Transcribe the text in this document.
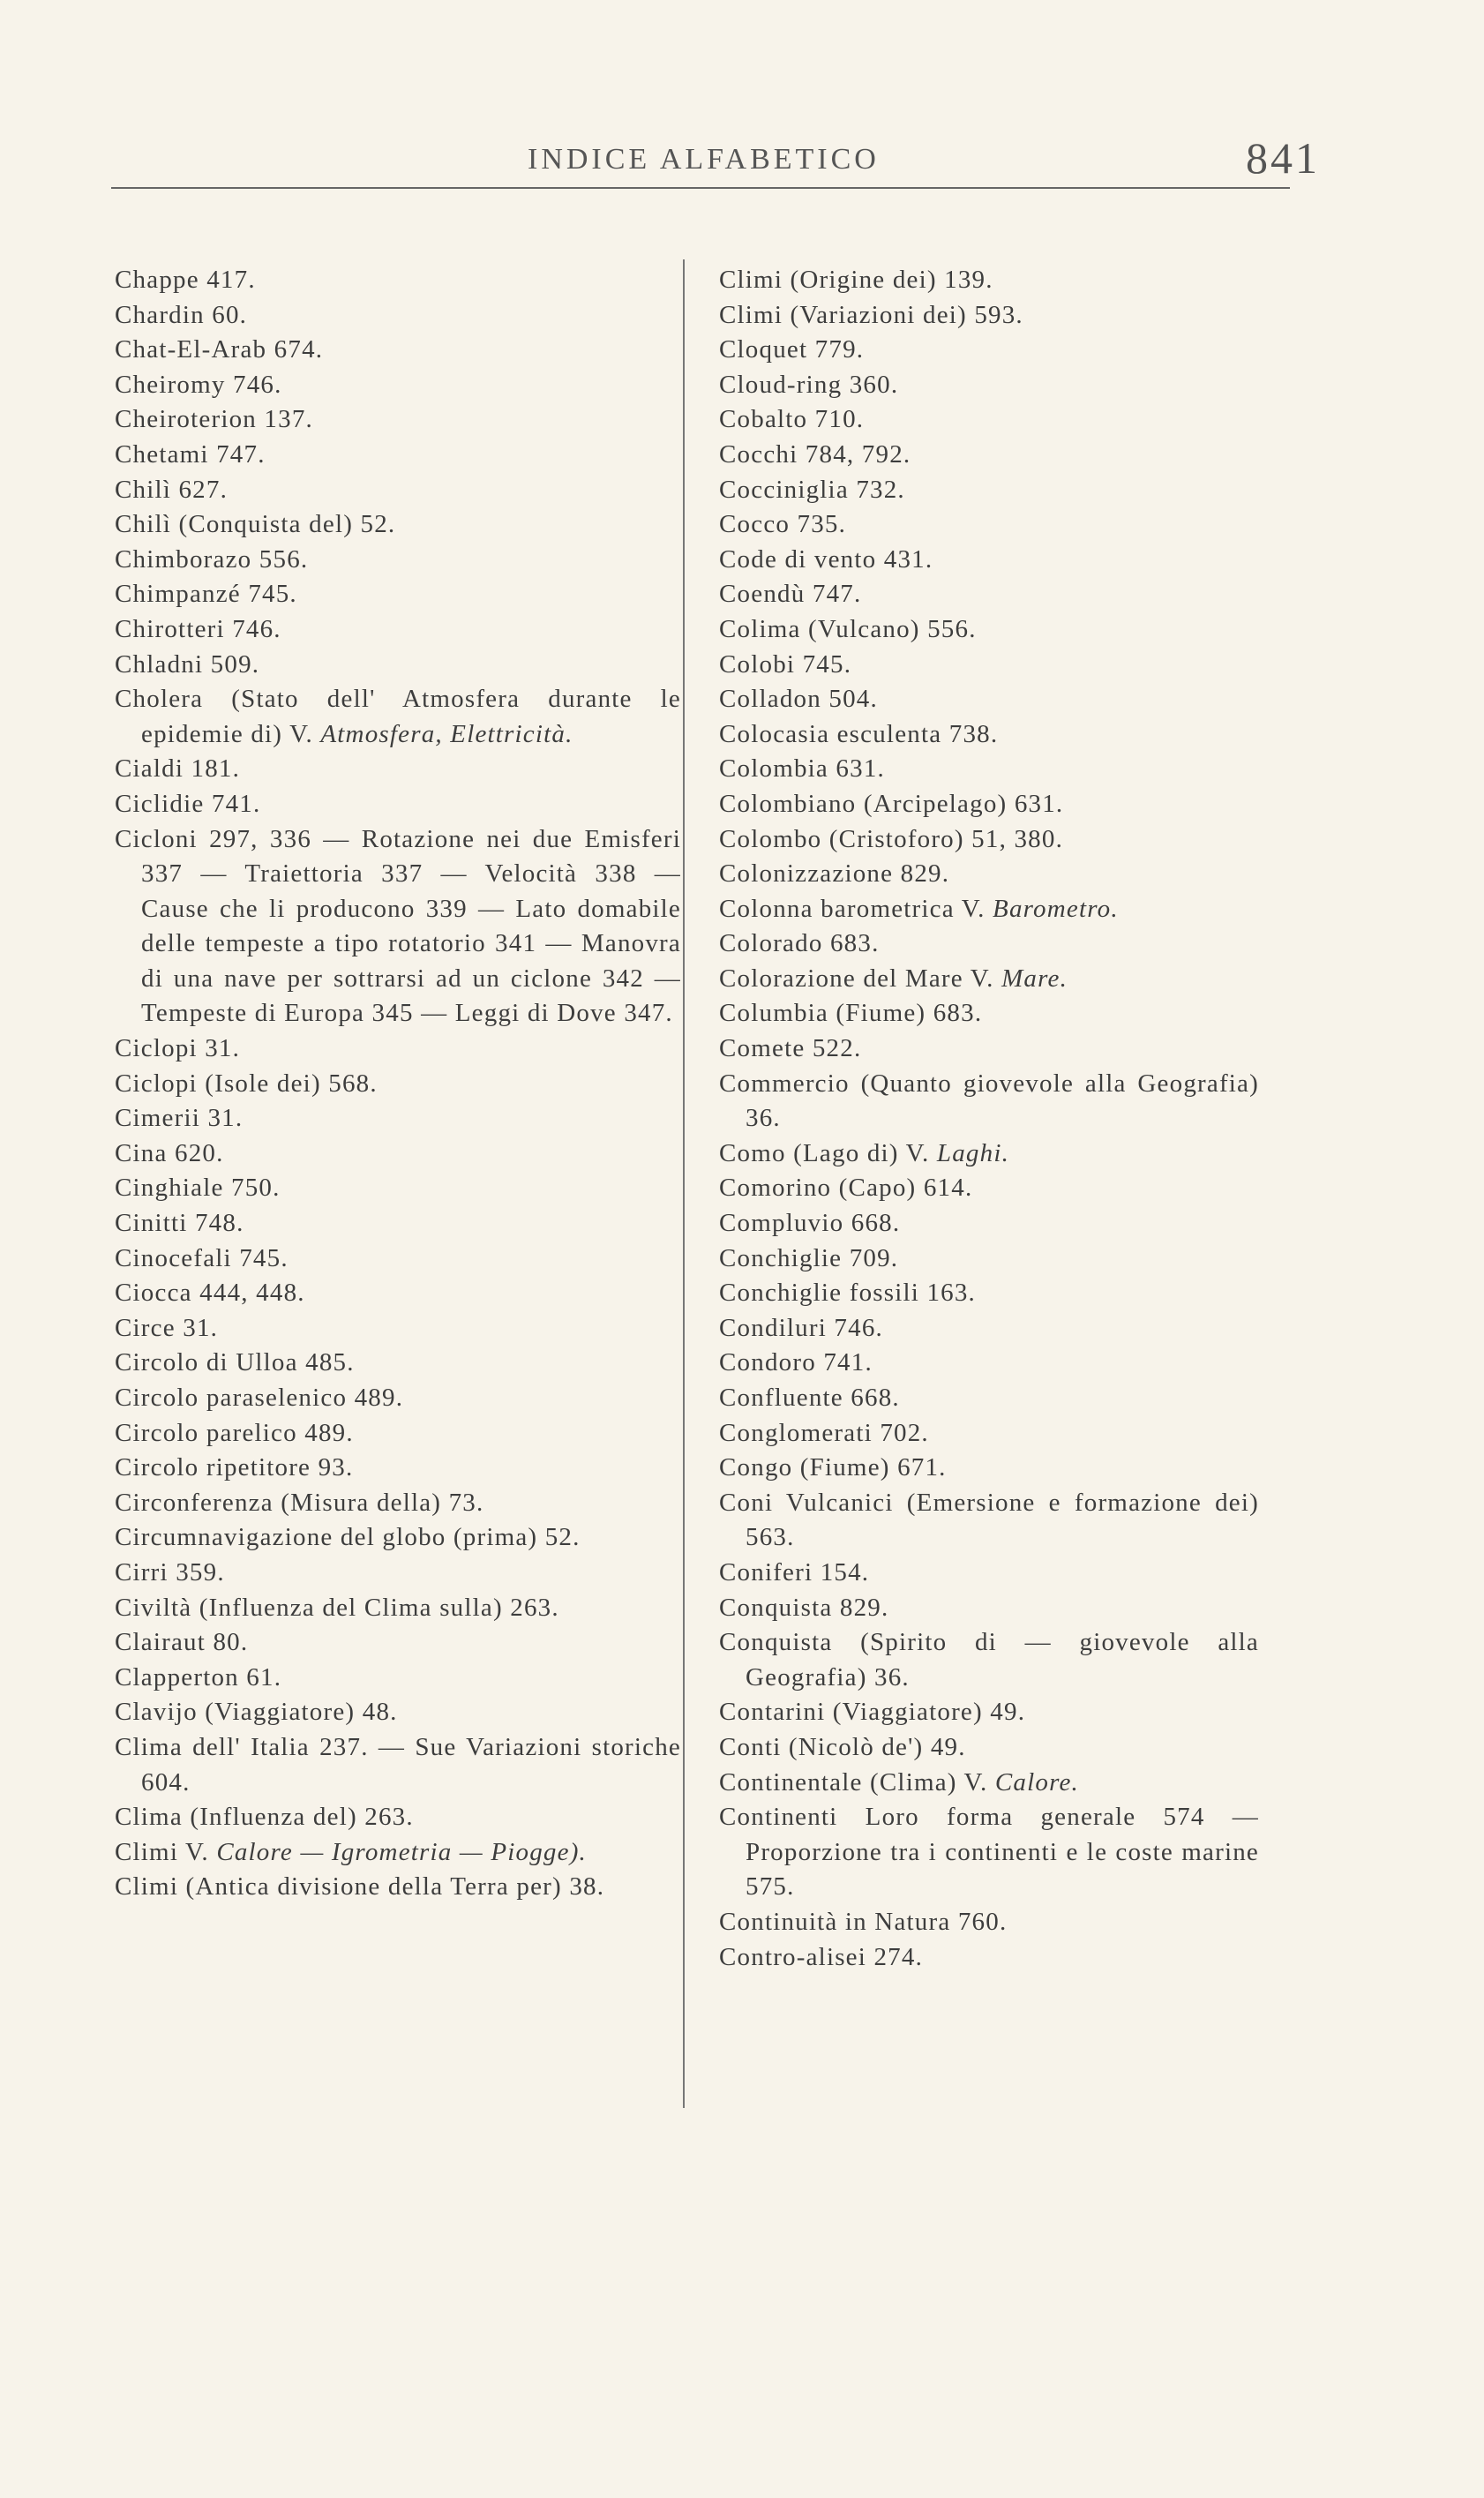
INDICE ALFABETICO	841
Chappe 417.
Chardin 60.
Chat-El-Arab 674.
Cheiromy 746.
Cheiroterion 137.
Chetami 747.
Chilì 627.
Chilì (Conquista del) 52.
Chimborazo 556.
Chimpanzé 745.
Chirotteri 746.
Chladni 509.
Cholera (Stato dell' Atmosfera durante le epidemie di) V. Atmosfera, Elettricità.
Cialdi 181.
Ciclidie 741.
Cicloni 297, 336 — Rotazione nei due Emisferi 337 — Traiettoria 337 — Velocità 338 — Cause che li producono 339 — Lato domabile delle tempeste a tipo rotatorio 341 — Manovra di una nave per sottrarsi ad un ciclone 342 — Tempeste di Europa 345 — Leggi di Dove 347.
Ciclopi 31.
Ciclopi (Isole dei) 568.
Cimerii 31.
Cina 620.
Cinghiale 750.
Cinitti 748.
Cinocefali 745.
Ciocca 444, 448.
Circe 31.
Circolo di Ulloa 485.
Circolo paraselenico 489.
Circolo parelico 489.
Circolo ripetitore 93.
Circonferenza (Misura della) 73.
Circumnavigazione del globo (prima) 52.
Cirri 359.
Civiltà (Influenza del Clima sulla) 263.
Clairaut 80.
Clapperton 61.
Clavijo (Viaggiatore) 48.
Clima dell' Italia 237. — Sue Variazioni storiche 604.
Clima (Influenza del) 263.
Climi V. Calore — Igrometria — Piogge).
Climi (Antica divisione della Terra per) 38.
Climi (Origine dei) 139.
Climi (Variazioni dei) 593.
Cloquet 779.
Cloud-ring 360.
Cobalto 710.
Cocchi 784, 792.
Cocciniglia 732.
Cocco 735.
Code di vento 431.
Coendù 747.
Colima (Vulcano) 556.
Colobi 745.
Colladon 504.
Colocasia esculenta 738.
Colombia 631.
Colombiano (Arcipelago) 631.
Colombo (Cristoforo) 51, 380.
Colonizzazione 829.
Colonna barometrica V. Barometro.
Colorado 683.
Colorazione del Mare V. Mare.
Columbia (Fiume) 683.
Comete 522.
Commercio (Quanto giovevole alla Geografia) 36.
Como (Lago di) V. Laghi.
Comorino (Capo) 614.
Compluvio 668.
Conchiglie 709.
Conchiglie fossili 163.
Condiluri 746.
Condoro 741.
Confluente 668.
Conglomerati 702.
Congo (Fiume) 671.
Coni Vulcanici (Emersione e formazione dei) 563.
Coniferi 154.
Conquista 829.
Conquista (Spirito di — giovevole alla Geografia) 36.
Contarini (Viaggiatore) 49.
Conti (Nicolò de') 49.
Continentale (Clima) V. Calore.
Continenti Loro forma generale 574 — Proporzione tra i continenti e le coste marine 575.
Continuità in Natura 760.
Contro-alisei 274.
